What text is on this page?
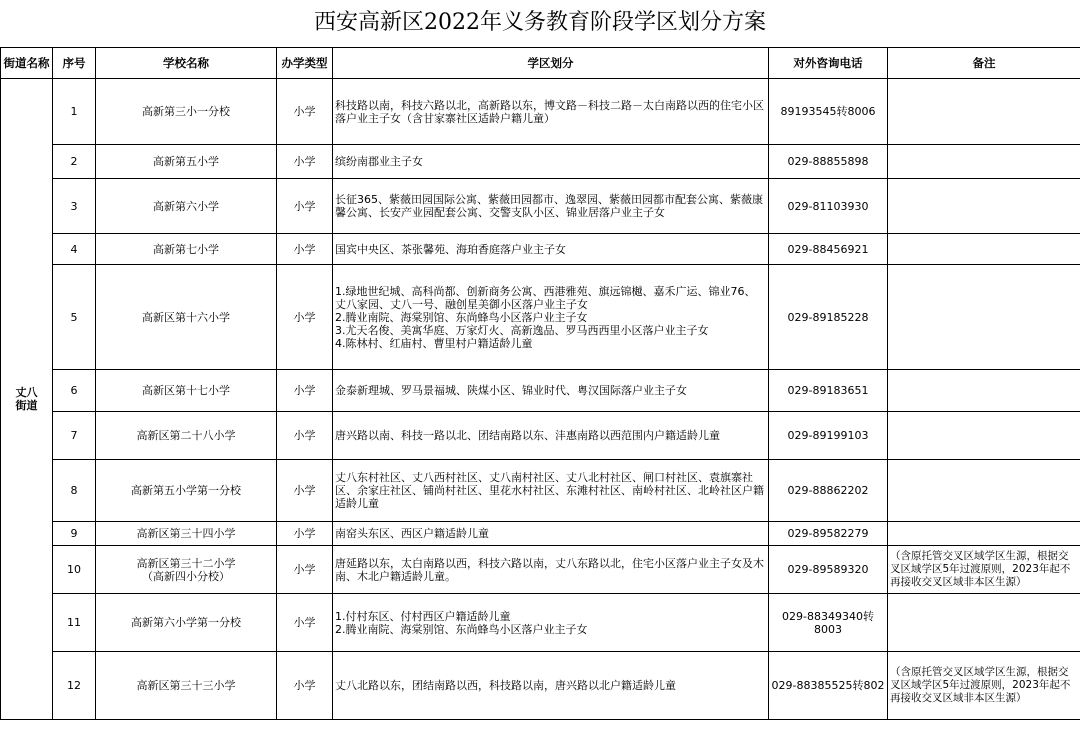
西安高新区2022年义务教育阶段学区划分方案
街道名称	序号	学校名称	办学类型	学区划分	对外咨询电话	备注
丈八街道	1	高新第三小一分校	小学	科技路以南，科技六路以北，高新路以东，博文路－科技二路－太白南路以西的住宅小区落户业主子女（含甘家寨社区适龄户籍儿童）	89193545转8006	
	2	高新第五小学	小学	缤纷南郡业主子女	029-88855898	
	3	高新第六小学	小学	长征365、紫薇田园国际公寓、紫薇田园都市、逸翠园、紫薇田园都市配套公寓、紫薇康馨公寓、长安产业园配套公寓、交警支队小区、锦业居落户业主子女	029-81103930	
	4	高新第七小学	小学	国宾中央区、茶张馨苑、海珀香庭落户业主子女	029-88456921	
	5	高新区第十六小学	小学	1.绿地世纪城、高科尚都、创新商务公寓、西港雅苑、旗远锦樾、嘉禾广运、锦业76、丈八家园、丈八一号、融创星美御小区落户业主子女
2.腾业南院、海棠别馆、东尚蜂鸟小区落户业主子女
3.尤天名俊、美寓华庭、万家灯火、高新逸品、罗马西西里小区落户业主子女
4.陈林村、红庙村、曹里村户籍适龄儿童	029-89185228	
	6	高新区第十七小学	小学	金泰新理城、罗马景福城、陕煤小区、锦业时代、粤汉国际落户业主子女	029-89183651	
	7	高新区第二十八小学	小学	唐兴路以南、科技一路以北、团结南路以东、沣惠南路以西范围内户籍适龄儿童	029-89199103	
	8	高新第五小学第一分校	小学	丈八东村社区、丈八西村社区、丈八南村社区、丈八北村社区、闸口村社区、袁旗寨社区、余家庄社区、铺尚村社区、里花水村社区、东滩村社区、南岭村社区、北岭社区户籍适龄儿童	029-88862202	
	9	高新区第三十四小学	小学	南窑头东区、西区户籍适龄儿童	029-89582279	
	10	高新区第三十二小学
（高新四小分校）	小学	唐延路以东，太白南路以西，科技六路以南，丈八东路以北，住宅小区落户业主子女及木南、木北户籍适龄儿童。	029-89589320	（含原托管交叉区域学区生源，根据交叉区域学区5年过渡原则，2023年起不再接收交叉区域非本区生源）
	11	高新第六小学第一分校	小学	1.付村东区、付村西区户籍适龄儿童
2.腾业南院、海棠别馆、东尚蜂鸟小区落户业主子女	029-88349340转8003	
	12	高新区第三十三小学	小学	丈八北路以东，团结南路以西，科技路以南，唐兴路以北户籍适龄儿童	029-88385525转802	（含原托管交叉区域学区生源，根据交叉区域学区5年过渡原则，2023年起不再接收交叉区域非本区生源）
